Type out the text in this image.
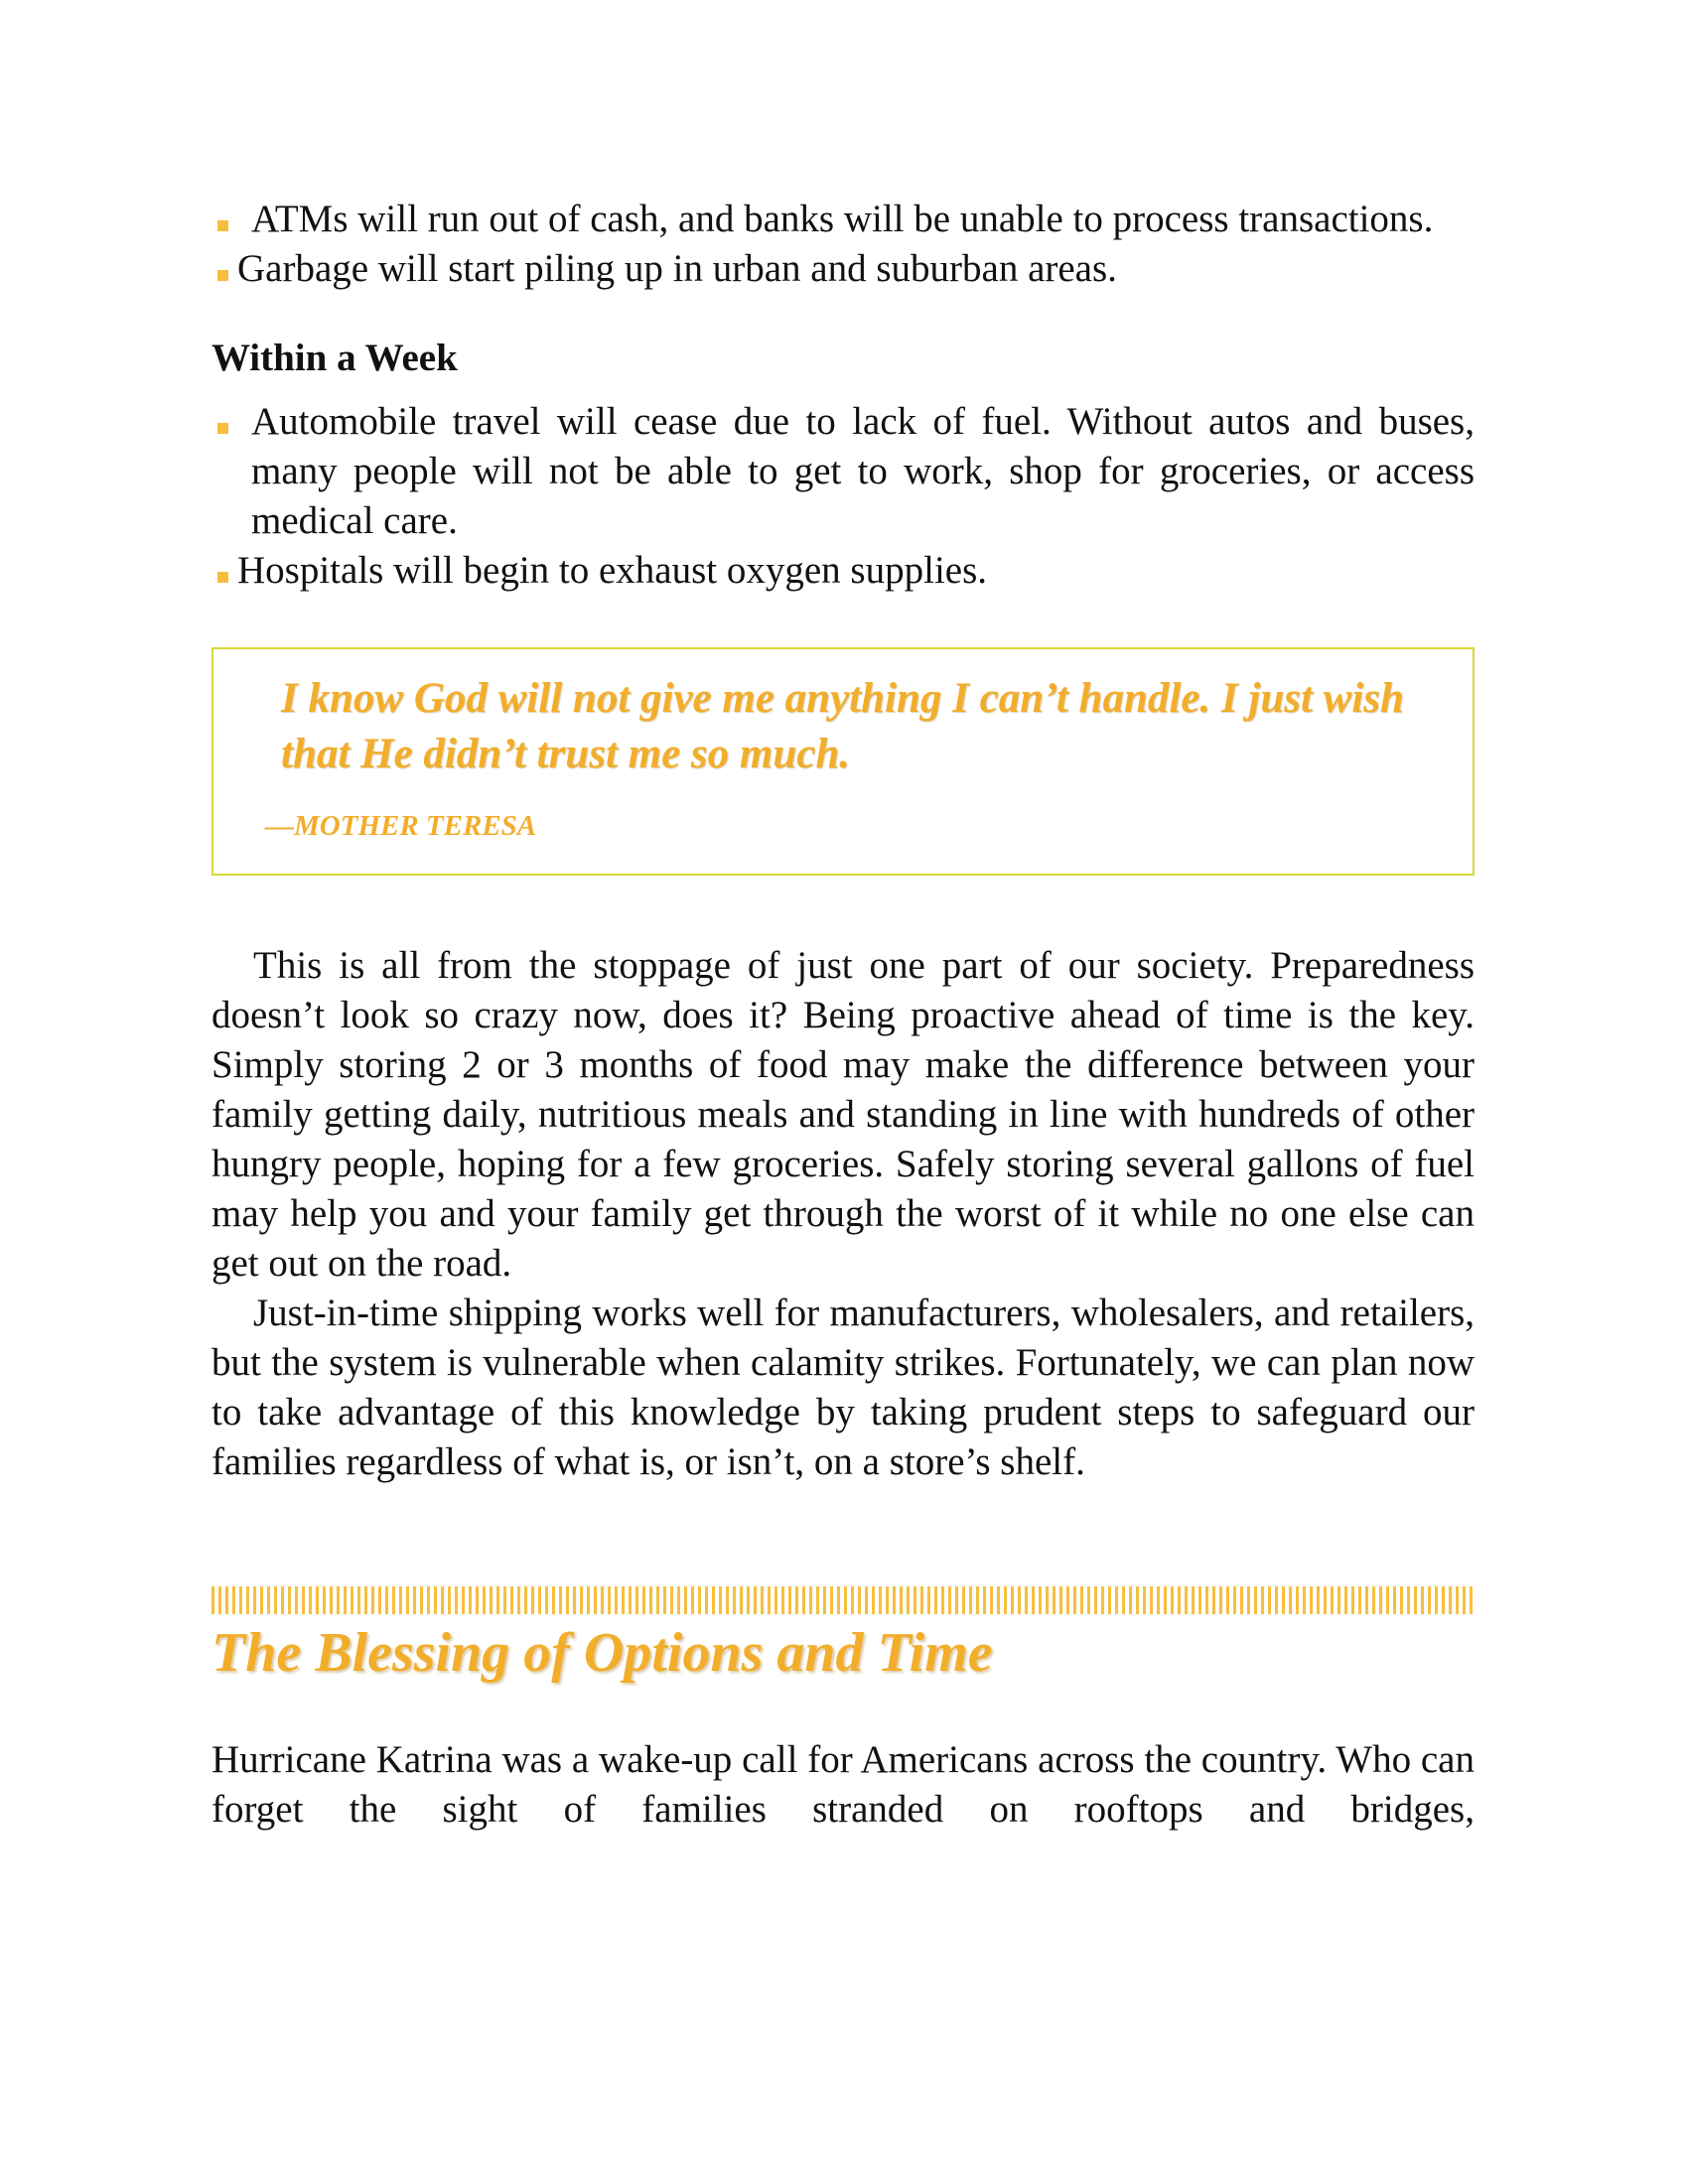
ATMs will run out of cash, and banks will be unable to process transactions.
Garbage will start piling up in urban and suburban areas.
Within a Week
Automobile travel will cease due to lack of fuel. Without autos and buses, many people will not be able to get to work, shop for groceries, or access medical care.
Hospitals will begin to exhaust oxygen supplies.
I know God will not give me anything I can’t handle. I just wish that He didn’t trust me so much.
—MOTHER TERESA

This is all from the stoppage of just one part of our society. Preparedness doesn’t look so crazy now, does it? Being proactive ahead of time is the key. Simply storing 2 or 3 months of food may make the difference between your family getting daily, nutritious meals and standing in line with hundreds of other hungry people, hoping for a few groceries. Safely storing several gallons of fuel may help you and your family get through the worst of it while no one else can get out on the road.

Just-in-time shipping works well for manufacturers, wholesalers, and retailers, but the system is vulnerable when calamity strikes. Fortunately, we can plan now to take advantage of this knowledge by taking prudent steps to safeguard our families regardless of what is, or isn’t, on a store’s shelf.

The Blessing of Options and Time

Hurricane Katrina was a wake-up call for Americans across the country. Who can forget the sight of families stranded on rooftops and bridges,
